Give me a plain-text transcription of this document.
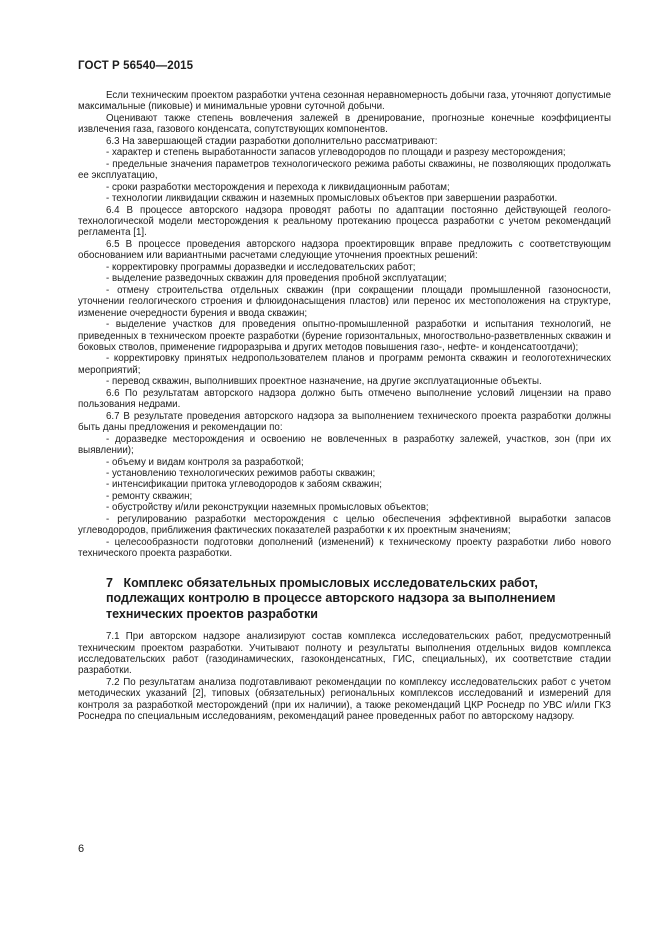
ГОСТ Р 56540—2015

Если техническим проектом разработки учтена сезонная неравномерность добычи газа, уточняют допустимые максимальные (пиковые) и минимальные уровни суточной добычи.

Оценивают также степень вовлечения залежей в дренирование, прогнозные конечные коэффициенты извлечения газа, газового конденсата, сопутствующих компонентов.

6.3 На завершающей стадии разработки дополнительно рассматривают:

- характер и степень выработанности запасов углеводородов по площади и разрезу месторождения;

- предельные значения параметров технологического режима работы скважины, не позволяющих продолжать ее эксплуатацию,

- сроки разработки месторождения и перехода к ликвидационным работам;

- технологии ликвидации скважин и наземных промысловых объектов при завершении разработки.

6.4 В процессе авторского надзора проводят работы по адаптации постоянно действующей геолого-технологической модели месторождения к реальному протеканию процесса разработки с учетом рекомендаций регламента [1].

6.5 В процессе проведения авторского надзора проектировщик вправе предложить с соответствующим обоснованием или вариантными расчетами следующие уточнения проектных решений:

- корректировку программы доразведки и исследовательских работ;

- выделение разведочных скважин для проведения пробной эксплуатации;

- отмену строительства отдельных скважин (при сокращении площади промышленной газоносности, уточнении геологического строения и флюидонасыщения пластов) или перенос их местоположения на структуре, изменение очередности бурения и ввода скважин;

- выделение участков для проведения опытно-промышленной разработки и испытания технологий, не приведенных в техническом проекте разработки (бурение горизонтальных, многоствольно-разветвленных скважин и боковых стволов, применение гидроразрыва и других методов повышения газо-, нефте- и конденсатоотдачи);

- корректировку принятых недропользователем планов и программ ремонта скважин и геологотехнических мероприятий;

- перевод скважин, выполнивших проектное назначение, на другие эксплуатационные объекты.

6.6 По результатам авторского надзора должно быть отмечено выполнение условий лицензии на право пользования недрами.

6.7 В результате проведения авторского надзора за выполнением технического проекта разработки должны быть даны предложения и рекомендации по:

- доразведке месторождения и освоению не вовлеченных в разработку залежей, участков, зон (при их выявлении);

- объему и видам контроля за разработкой;

- установлению технологических режимов работы скважин;

- интенсификации притока углеводородов к забоям скважин;

- ремонту скважин;

- обустройству и/или реконструкции наземных промысловых объектов;

- регулированию разработки месторождения с целью обеспечения эффективной выработки запасов углеводородов, приближения фактических показателей разработки к их проектным значениям;

- целесообразности подготовки дополнений (изменений) к техническому проекту разработки либо нового технического проекта разработки.

7 Комплекс обязательных промысловых исследовательских работ, подлежащих контролю в процессе авторского надзора за выполнением технических проектов разработки

7.1 При авторском надзоре анализируют состав комплекса исследовательских работ, предусмотренный техническим проектом разработки. Учитывают полноту и результаты выполнения отдельных видов комплекса исследовательских работ (газодинамических, газоконденсатных, ГИС, специальных), их соответствие стадии разработки.

7.2 По результатам анализа подготавливают рекомендации по комплексу исследовательских работ с учетом методических указаний [2], типовых (обязательных) региональных комплексов исследований и измерений для контроля за разработкой месторождений (при их наличии), а также рекомендаций ЦКР Роснедр по УВС и/или ГКЗ Роснедра по специальным исследованиям, рекомендаций ранее проведенных работ по авторскому надзору.

6
